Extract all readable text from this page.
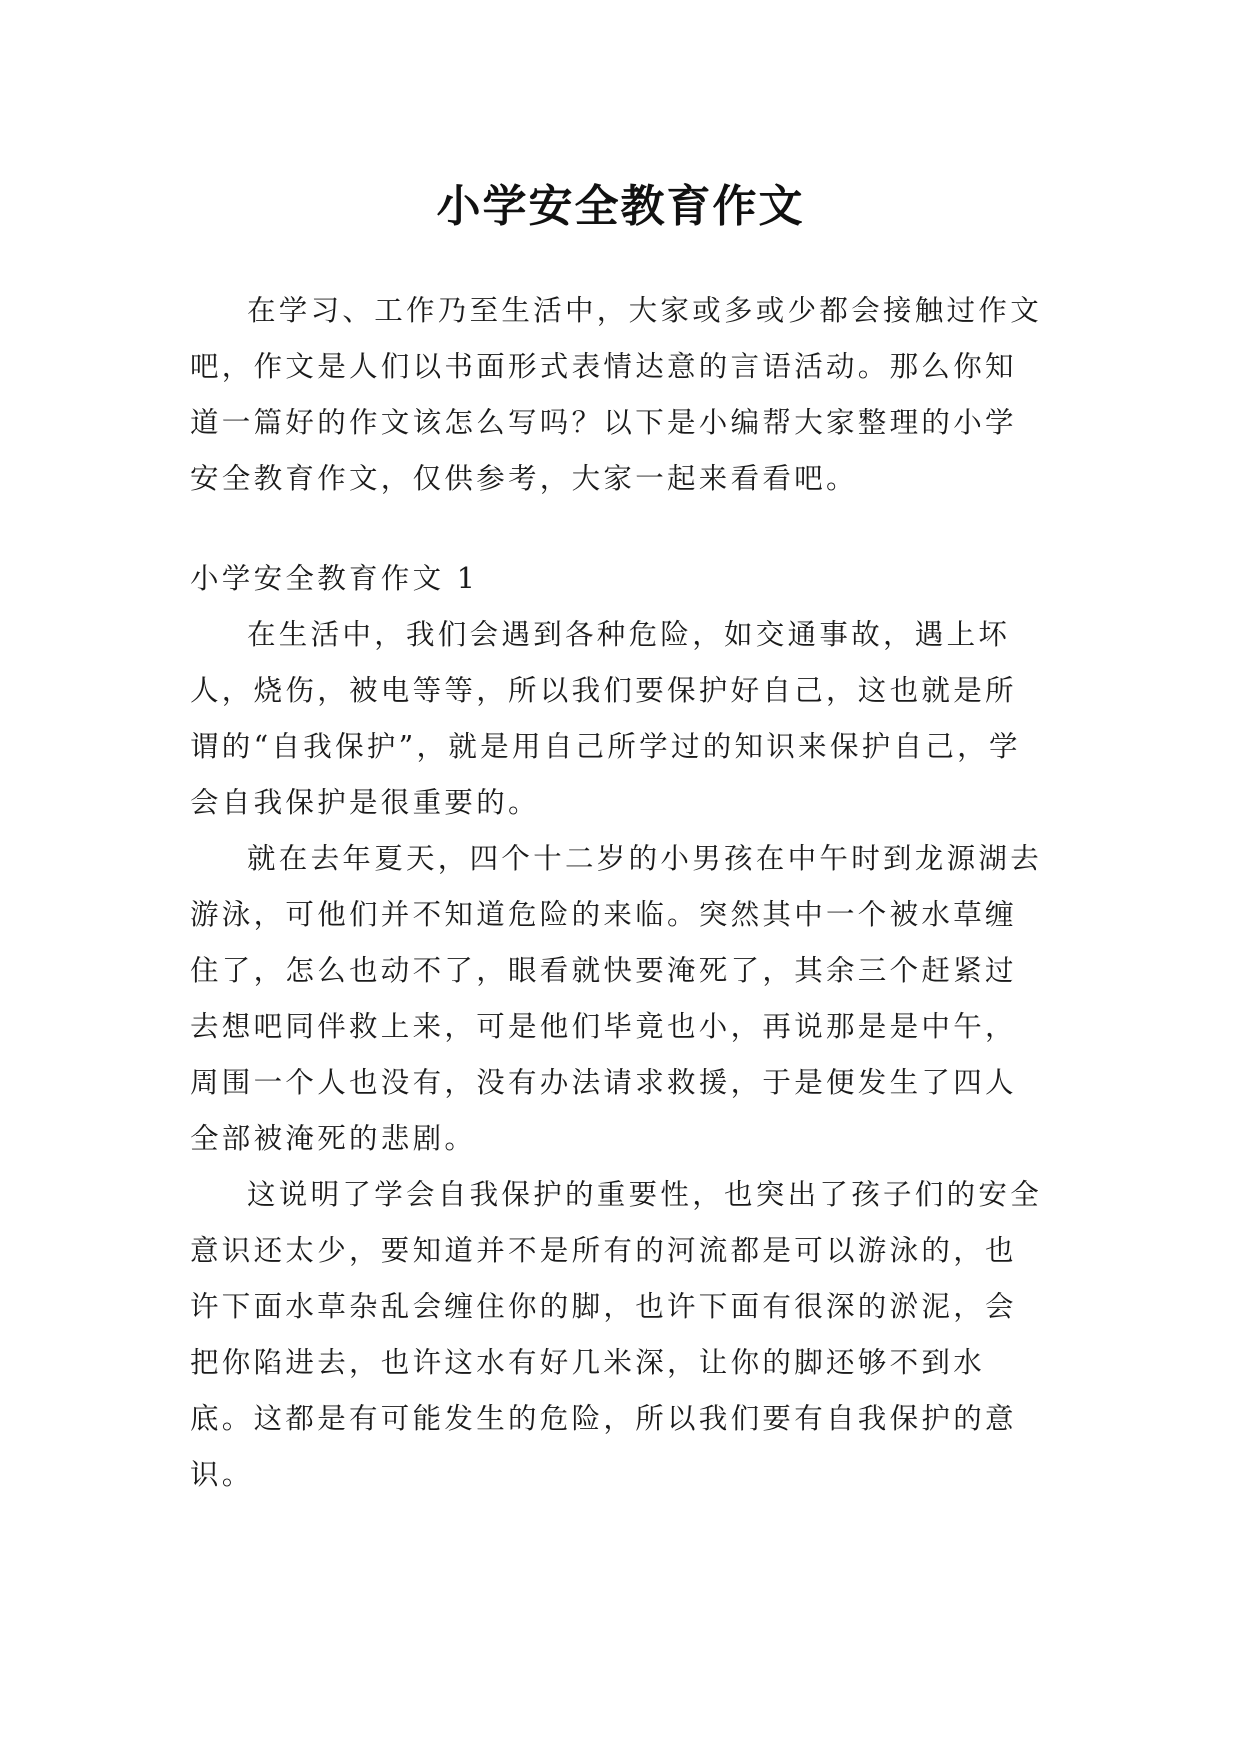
小学安全教育作文

在学习、工作乃至生活中，大家或多或少都会接触过作文吧，作文是人们以书面形式表情达意的言语活动。那么你知道一篇好的作文该怎么写吗？以下是小编帮大家整理的小学安全教育作文，仅供参考，大家一起来看看吧。

小学安全教育作文 1

在生活中，我们会遇到各种危险，如交通事故，遇上坏人，烧伤，被电等等，所以我们要保护好自己，这也就是所谓的“自我保护”，就是用自己所学过的知识来保护自己，学会自我保护是很重要的。

就在去年夏天，四个十二岁的小男孩在中午时到龙源湖去游泳，可他们并不知道危险的来临。突然其中一个被水草缠住了，怎么也动不了，眼看就快要淹死了，其余三个赶紧过去想吧同伴救上来，可是他们毕竟也小，再说那是是中午，周围一个人也没有，没有办法请求救援，于是便发生了四人全部被淹死的悲剧。

这说明了学会自我保护的重要性，也突出了孩子们的安全意识还太少，要知道并不是所有的河流都是可以游泳的，也许下面水草杂乱会缠住你的脚，也许下面有很深的淤泥，会把你陷进去，也许这水有好几米深，让你的脚还够不到水底。这都是有可能发生的危险，所以我们要有自我保护的意识。
